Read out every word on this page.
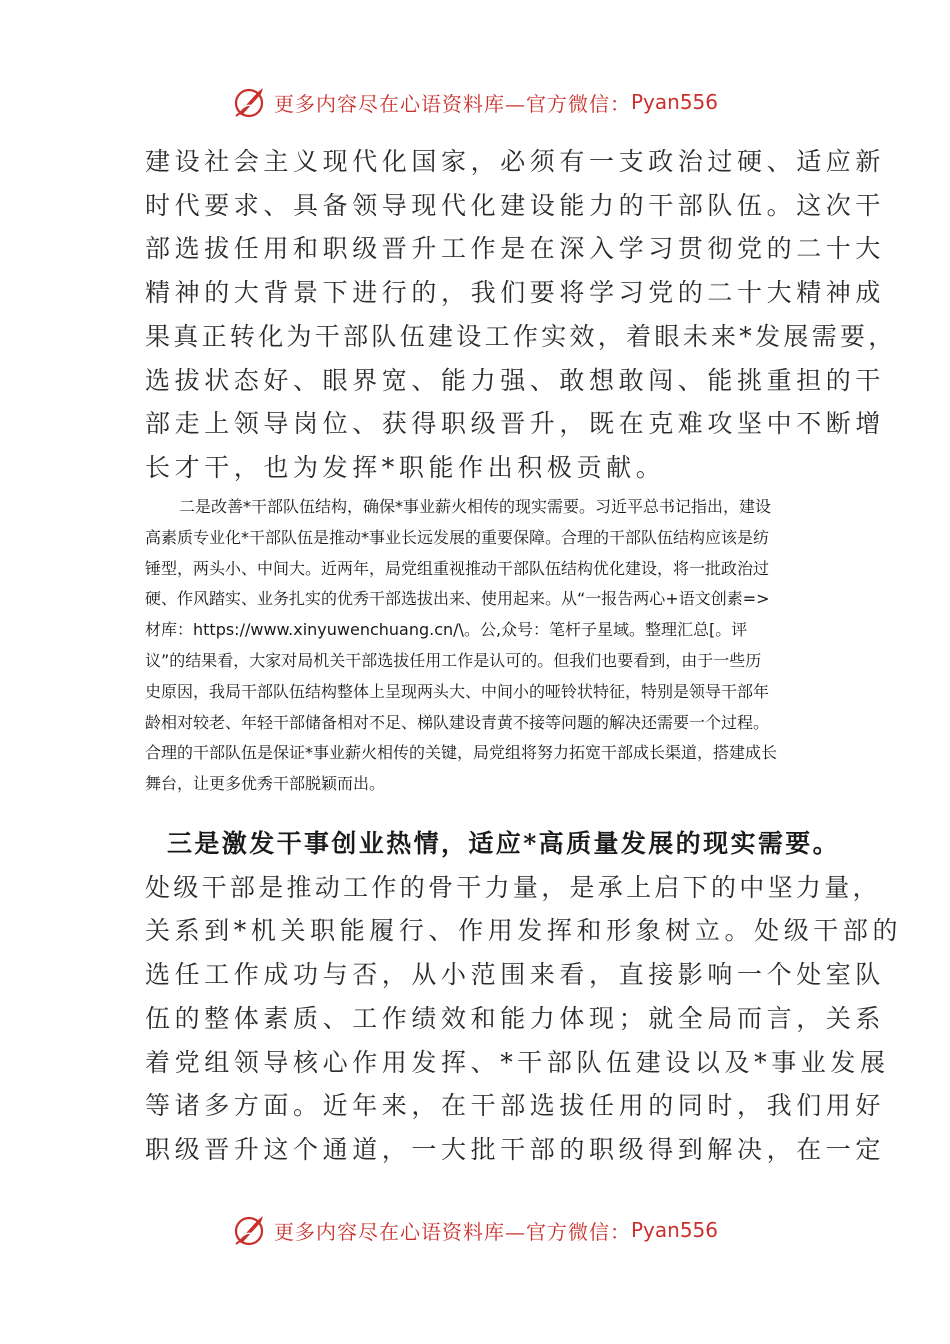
更多内容尽在心语资料库—官方微信： Pyan556
建设社会主义现代化国家，必须有一支政治过硬、适应新
时代要求、具备领导现代化建设能力的干部队伍。这次干
部选拔任用和职级晋升工作是在深入学习贯彻党的二十大
精神的大背景下进行的，我们要将学习党的二十大精神成
果真正转化为干部队伍建设工作实效，着眼未来*发展需要，
选拔状态好、眼界宽、能力强、敢想敢闯、能挑重担的干
部走上领导岗位、获得职级晋升，既在克难攻坚中不断增
长才干，也为发挥*职能作出积极贡献。
二是改善*干部队伍结构，确保*事业薪火相传的现实需要。习近平总书记指出，建设
高素质专业化*干部队伍是推动*事业长远发展的重要保障。合理的干部队伍结构应该是纺
锤型，两头小、中间大。近两年，局党组重视推动干部队伍结构优化建设，将一批政治过
硬、作风踏实、业务扎实的优秀干部选拔出来、使用起来。从“一报告两心+语文创素=>
材库：https://www.xinyuwenchuang.cn/\。公,众号：笔杆子星域。整理汇总[。评
议”的结果看，大家对局机关干部选拔任用工作是认可的。但我们也要看到，由于一些历
史原因，我局干部队伍结构整体上呈现两头大、中间小的哑铃状特征，特别是领导干部年
龄相对较老、年轻干部储备相对不足、梯队建设青黄不接等问题的解决还需要一个过程。
合理的干部队伍是保证*事业薪火相传的关键，局党组将努力拓宽干部成长渠道，搭建成长
舞台，让更多优秀干部脱颖而出。
三是激发干事创业热情，适应*高质量发展的现实需要。
处级干部是推动工作的骨干力量，是承上启下的中坚力量，
关系到*机关职能履行、作用发挥和形象树立。处级干部的
选任工作成功与否，从小范围来看，直接影响一个处室队
伍的整体素质、工作绩效和能力体现；就全局而言，关系
着党组领导核心作用发挥、*干部队伍建设以及*事业发展
等诸多方面。近年来，在干部选拔任用的同时，我们用好
职级晋升这个通道，一大批干部的职级得到解决，在一定
更多内容尽在心语资料库—官方微信： Pyan556
